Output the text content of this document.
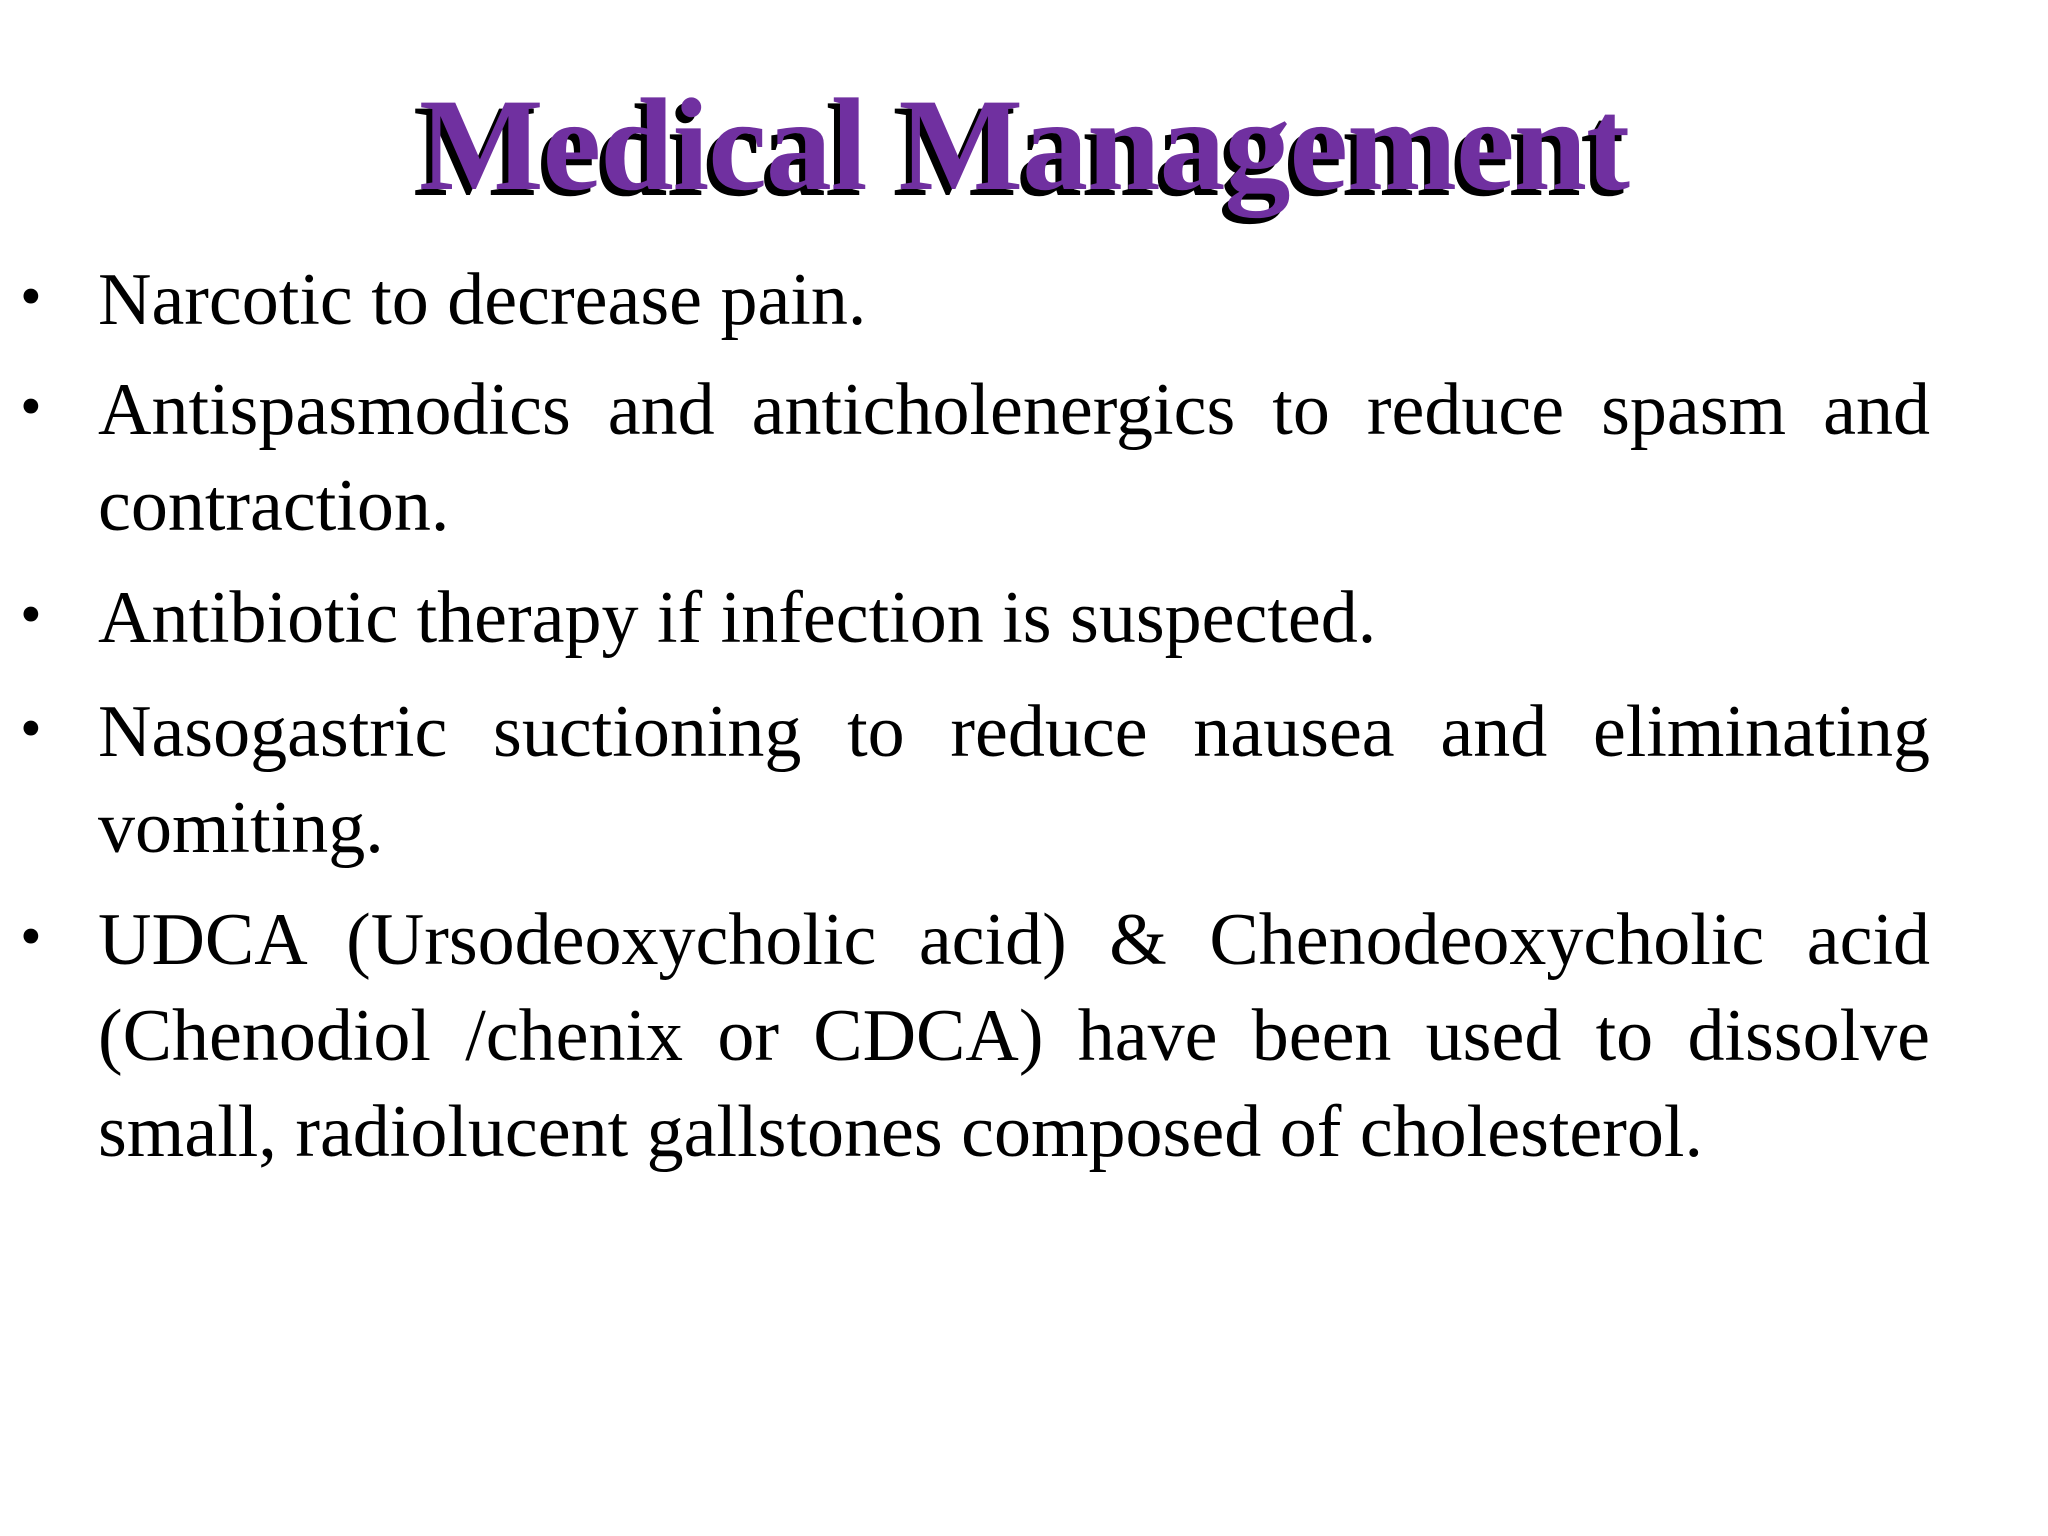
Medical Management
• Narcotic to decrease pain.
• Antispasmodics and anticholenergics to reduce spasm and contraction.
• Antibiotic therapy if infection is suspected.
• Nasogastric suctioning to reduce nausea and eliminating vomiting.
• UDCA (Ursodeoxycholic acid) & Chenodeoxycholic acid (Chenodiol /chenix or CDCA) have been used to dissolve small, radiolucent gallstones composed of cholesterol.
